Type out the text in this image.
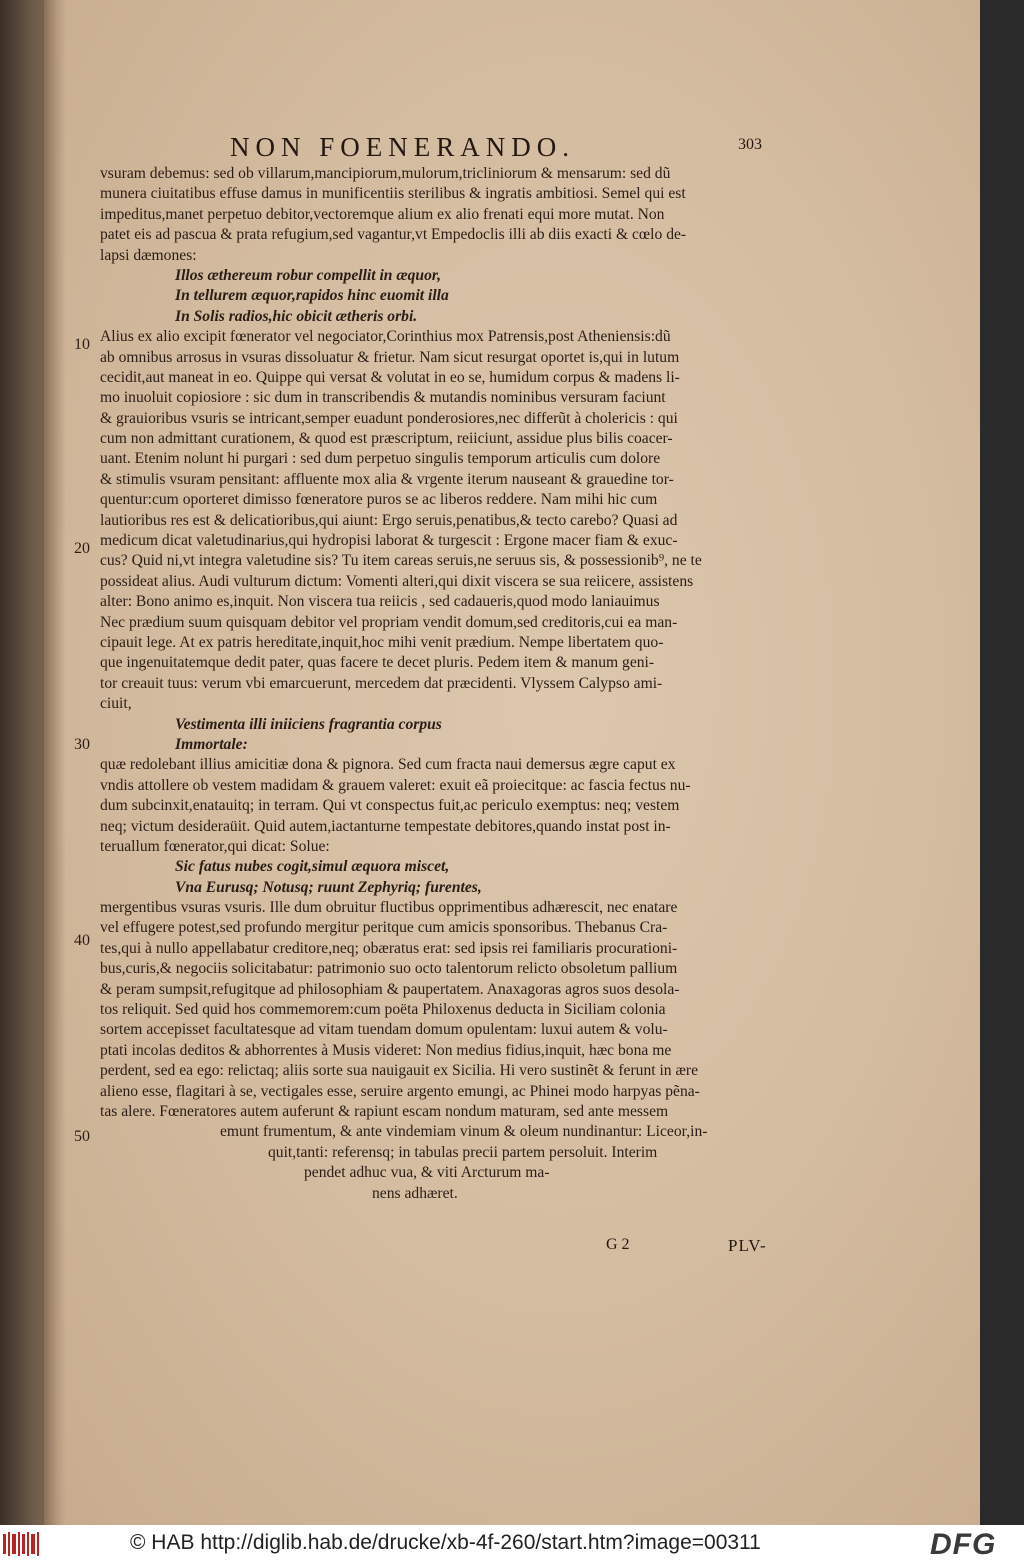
NON FOENERANDO.	303
vsuram debemus: sed ob villarum,mancipiorum,mulorum,tricliniorum & mensarum: sed dũ
munera ciuitatibus effuse damus in munificentiis sterilibus & ingratis ambitiosi. Semel qui est
impeditus,manet perpetuo debitor,vectoremque alium ex alio frenati equi more mutat. Non
patet eis ad pascua & prata refugium,sed vagantur,vt Empedoclis illi ab diis exacti & cœlo de-
lapsi dæmones:
Illos æthereum robur compellit in æquor,
In tellurem æquor,rapidos hinc euomit illa
In Solis radios,hic obicit ætheris orbi.
Alius ex alio excipit fœnerator vel negociator,Corinthius mox Patrensis,post Atheniensis:dũ
ab omnibus arrosus in vsuras dissoluatur & frietur. Nam sicut resurgat oportet is,qui in lutum
cecidit,aut maneat in eo. Quippe qui versat & volutat in eo se, humidum corpus & madens li-
mo inuoluit copiosiore : sic dum in transcribendis & mutandis nominibus versuram faciunt
& grauioribus vsuris se intricant,semper euadunt ponderosiores,nec differũt à cholericis : qui
cum non admittant curationem, & quod est præscriptum, reiiciunt, assidue plus bilis coacer-
uant. Etenim nolunt hi purgari : sed dum perpetuo singulis temporum articulis cum dolore
& stimulis vsuram pensitant: affluente mox alia & vrgente iterum nauseant & grauedine tor-
quentur:cum oporteret dimisso fœneratore puros se ac liberos reddere. Nam mihi hic cum
lautioribus res est & delicatioribus,qui aiunt: Ergo seruis,penatibus,& tecto carebo? Quasi ad
medicum dicat valetudinarius,qui hydropisi laborat & turgescit : Ergone macer fiam & exuc-
cus? Quid ni,vt integra valetudine sis? Tu item careas seruis,ne seruus sis, & possessionib⁹, ne te
possideat alius. Audi vulturum dictum: Vomenti alteri,qui dixit viscera se sua reiicere, assistens
alter: Bono animo es,inquit. Non viscera tua reiicis , sed cadaueris,quod modo laniauimus
Nec prædium suum quisquam debitor vel propriam vendit domum,sed creditoris,cui ea man-
cipauit lege. At ex patris hereditate,inquit,hoc mihi venit prædium. Nempe libertatem quo-
que ingenuitatemque dedit pater, quas facere te decet pluris. Pedem item & manum geni-
tor creauit tuus: verum vbi emarcuerunt, mercedem dat præcidenti. Vlyssem Calypso ami-
ciuit,
Vestimenta illi iniiciens fragrantia corpus
Immortale:
quæ redolebant illius amicitiæ dona & pignora. Sed cum fracta naui demersus ægre caput ex
vndis attollere ob vestem madidam & grauem valeret: exuit eã proiecitque: ac fascia fectus nu-
dum subcinxit,enatauitq; in terram. Qui vt conspectus fuit,ac periculo exemptus: neq; vestem
neq; victum desideraüit. Quid autem,iactanturne tempestate debitores,quando instat post in-
teruallum fœnerator,qui dicat: Solue:
Sic fatus nubes cogit,simul æquora miscet,
Vna Eurusq; Notusq; ruunt Zephyriq; furentes,
mergentibus vsuras vsuris. Ille dum obruitur fluctibus opprimentibus adhærescit, nec enatare
vel effugere potest,sed profundo mergitur peritque cum amicis sponsoribus. Thebanus Cra-
tes,qui à nullo appellabatur creditore,neq; obæratus erat: sed ipsis rei familiaris procurationi-
bus,curis,& negociis solicitabatur: patrimonio suo octo talentorum relicto obsoletum pallium
& peram sumpsit,refugitque ad philosophiam & paupertatem. Anaxagoras agros suos desola-
tos reliquit. Sed quid hos commemorem:cum poëta Philoxenus deducta in Siciliam colonia
sortem accepisset facultatesque ad vitam tuendam domum opulentam: luxui autem & volu-
ptati incolas deditos & abhorrentes à Musis videret: Non medius fidius,inquit, hæc bona me
perdent, sed ea ego: relictaq; aliis sorte sua nauigauit ex Sicilia. Hi vero sustinẽt & ferunt in ære
alieno esse, flagitari à se, vectigales esse, seruire argento emungi, ac Phinei modo harpyas pẽna-
tas alere. Fœneratores autem auferunt & rapiunt escam nondum maturam, sed ante messem
emunt frumentum, & ante vindemiam vinum & oleum nundinantur: Liceor,in-
quit,tanti: referensq; in tabulas precii partem persoluit. Interim
pendet adhuc vua, & viti Arcturum ma-
nens adhæret.
10
20
30
40
50
G 2	PLV-
© HAB http://diglib.hab.de/drucke/xb-4f-260/start.htm?image=00311	DFG
